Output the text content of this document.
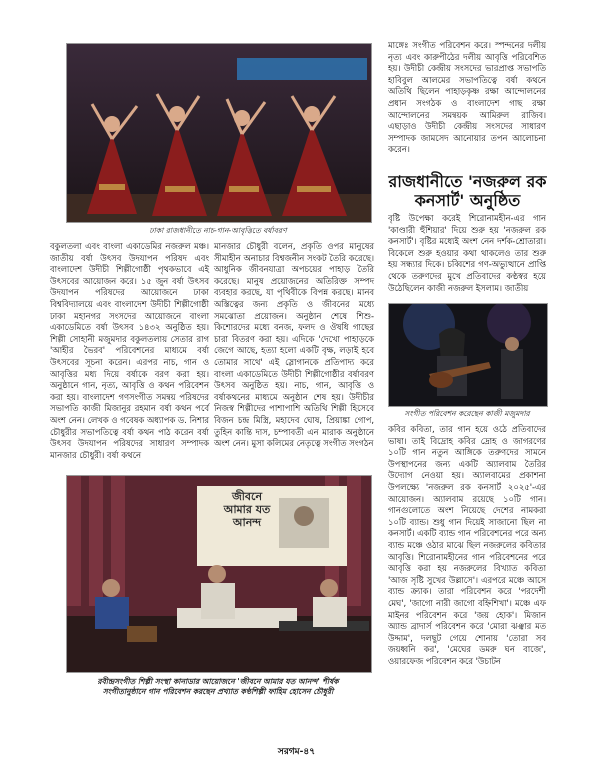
ঢাকা রাজধানীতে নাচ-গান-আবৃত্তিতে বর্ষাবরণ

বকুলতলা এবং বাংলা একাডেমির নজরুল মঞ্চ। জাতীয় বর্ষা উৎসব উদযাপন পরিষদ এবং বাংলাদেশ উদীচী শিল্পীগোষ্ঠী পৃথকভাবে এই উৎসবের আয়োজন করে। ১৫ জুন বর্ষা উৎসব উদযাপন পরিষদের আয়োজনে ঢাকা বিশ্ববিদ্যালয়ে এবং বাংলাদেশ উদীচী শিল্পীগোষ্ঠী ঢাকা মহানগর সংসদের আয়োজনে বাংলা একাডেমিতে বর্ষা উৎসব ১৪৩২ অনুষ্ঠিত হয়। শিল্পী সোহানী মজুমদার বকুলতলায় সেতার রাগ 'আহীর ভৈরব' পরিবেশনের মাধ্যমে বর্ষা উৎসবের সূচনা করেন। এরপর নাচ, গান ও আবৃত্তির মধ্য দিয়ে বর্ষাকে বরণ করা হয়। অনুষ্ঠানে গান, নৃত্য, আবৃত্তি ও কথন পরিবেশন করা হয়। বাংলাদেশ গণসংগীত সমন্বয় পরিষদের সভাপতি কাজী মিজানুর রহমান বর্ষা কথন পর্বে অংশ নেন। লেখক ও গবেষক অধ্যাপক ড. নিশার চৌধুরীর সভাপতিত্বে বর্ষা কথন পাঠ করেন বর্ষা উৎসব উদযাপন পরিষদের সাধারণ সম্পাদক মানজার চৌধুরী। বর্ষা কথনে

মানজার চৌধুরী বলেন, প্রকৃতি ওপর মানুষের সীমাহীন অনাচার বিশ্বজনীন সংকট তৈরি করেছে। আধুনিক জীবনযাত্রা অপচয়ের পাহাড় তৈরি করেছে। মানুষ প্রয়োজনের অতিরিক্ত সম্পদ ব্যবহার করছে, যা পৃথিবীকে বিপন্ন করছে। মানব অস্তিত্বের জন্য প্রকৃতি ও জীবনের মধ্যে সমঝোতা প্রয়োজন। অনুষ্ঠান শেষে শিশু-কিশোরদের মধ্যে বনজ, ফলদ ও ঔষধি গাছের চারা বিতরণ করা হয়। এদিকে 'দেখো পাহাড়কে জেগে আছে, হত্যা হলো একটি বৃক্ষ, লড়াই হবে তোমার সাথে' এই স্লোগানকে প্রতিপাদ্য করে বাংলা একাডেমিতে উদীচী শিল্পীগোষ্ঠীর বর্ষাবরণ উৎসব অনুষ্ঠিত হয়। নাচ, গান, আবৃত্তি ও বর্ষাকথনের মাধ্যমে অনুষ্ঠান শেষ হয়। উদীচীর নিজস্ব শিল্পীদের পাশাপাশি অতিথি শিল্পী হিসেবে বিজন চন্দ্র মিস্ত্রি, মহাদেব ঘোষ, প্রিয়াঙ্কা গোপ, তুহিন কান্তি দাস, চম্পাবতী এন মারাক অনুষ্ঠানে অংশ নেন। মুসা কলিমের নেতৃত্বে সংগীত সংগঠন

মাঙ্গেঃ সংগীত পরিবেশন করে। স্পন্দনের দলীয় নৃত্য এবং কারুপীঠের দলীয় আবৃত্তি পরিবেশিত হয়। উদীচী কেন্দ্রীয় সংসদের ভারপ্রাপ্ত সভাপতি হাবিবুল আলমের সভাপতিত্বে বর্ষা কথনে অতিথি ছিলেন পাহাড়কৃষ্ণ রক্ষা আন্দোলনের প্রধান সংগঠক ও বাংলাদেশ গাছ রক্ষা আন্দোলনের সমন্বয়ক আমিরুল রাজিব। এছাড়াও উদীচী কেন্দ্রীয় সংসদের সাধারণ সম্পাদক জামসেদ আনোয়ার তপন আলোচনা করেন।

রাজধানীতে 'নজরুল রক
কনসার্ট' অনুষ্ঠিত

বৃষ্টি উপেক্ষা করেই শিরোনামহীন-এর গান 'কাণ্ডারী হুঁশিয়ার' দিয়ে শুরু হয় 'নজরুল রক কনসার্ট'। বৃষ্টির মধ্যেই অংশ নেন দর্শক-শ্রোতারা। বিকেলে শুরু হওয়ার কথা থাকলেও তার শুরু হয় সন্ধ্যার দিকে। চব্বিশের গণ-অভ্যুত্থানে প্রাপ্তি থেকে তরুণদের মুখে প্রতিবাদের কণ্ঠস্বর হয়ে উঠেছিলেন কাজী নজরুল ইসলাম। জাতীয়

সংগীত পরিবেশন করেছেন কাজী মজুমদার

কবির কবিতা, তার গান হয়ে ওঠে প্রতিবাদের ভাষা। তাই বিদ্রোহ কবির দ্রোহ ও জাগরণের ১০টি গান নতুন আঙ্গিকে তরুণদের সামনে উপস্থাপনের জন্য একটি অ্যালবাম তৈরির উদ্যোগ নেওয়া হয়। অ্যালবামের প্রকাশনা উপলক্ষ্যে 'নজরুল রক কনসার্ট ২০২৫'-এর আয়োজন। অ্যালবাম রয়েছে ১০টি গান। গানগুলোতে অংশ নিয়েছে দেশের নামকরা ১০টি ব্যান্ড। শুধু গান দিয়েই সাজানো ছিল না কনসার্ট। একটি ব্যান্ড গান পরিবেশনের পরে অন্য ব্যান্ড মঞ্চে ওঠার মাঝে ছিল নজরুলের কবিতার আবৃত্তি। শিরোনামহীনের গান পরিবেশনের পরে আবৃত্তি করা হয় নজরুলের বিখ্যাত কবিতা 'আজ সৃষ্টি সুখের উল্লাসে'। এরপরে মঞ্চে আসে ব্যান্ড ক্র্যাক। তারা পরিবেশন করে 'পরদেশী মেঘ', 'জাগো নারী জাগো বহ্নিশিখা'। মঞ্চে এফ মাইনর পরিবেশন করে 'জয় হোক'। মিজান অ্যান্ড ব্রাদার্স পরিবেশন করে 'মোরা ঝঞ্ঝার মত উদ্দাম', দলছুট গেয়ে শোনায় 'তোরা সব জয়ধ্বনি কর', 'মেঘের ডমরু ঘন বাজে', ওয়ারফেজ পরিবেশন করে 'উচাটন

জীবনে
আমার যত
আনন্দ
রবীন্দ্রসংগীত শিল্পী সংস্থা কানাডার আয়োজনে 'জীবনে আমার যত আনন্দ' শীর্ষক
সংগীতানুষ্ঠানে গান পরিবেশন করছেন প্রখ্যাত কণ্ঠশিল্পী ফাহিম হোসেন চৌধুরী
সরগম-৪৭
